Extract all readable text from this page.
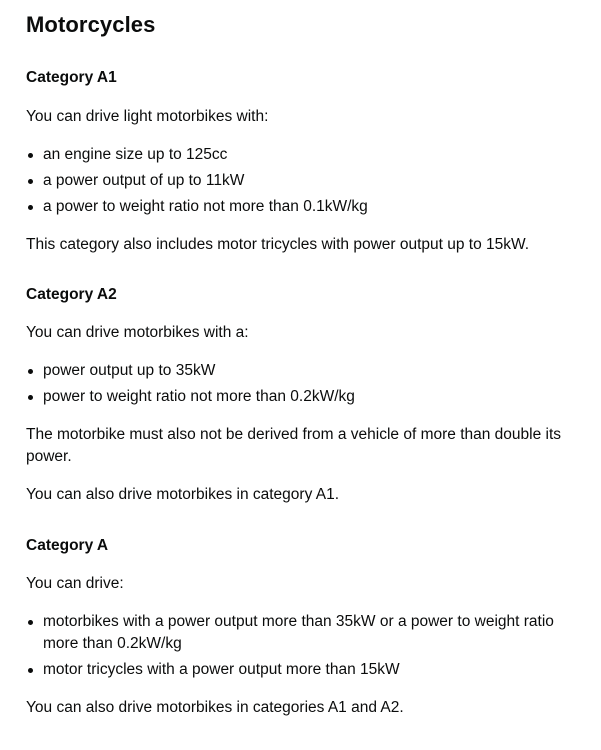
Motorcycles
Category A1

You can drive light motorbikes with:

an engine size up to 125cc
a power output of up to 11kW
a power to weight ratio not more than 0.1kW/kg

This category also includes motor tricycles with power output up to 15kW.

Category A2

You can drive motorbikes with a:

power output up to 35kW
power to weight ratio not more than 0.2kW/kg

The motorbike must also not be derived from a vehicle of more than double its power.

You can also drive motorbikes in category A1.

Category A

You can drive:

motorbikes with a power output more than 35kW or a power to weight ratio more than 0.2kW/kg
motor tricycles with a power output more than 15kW

You can also drive motorbikes in categories A1 and A2.
